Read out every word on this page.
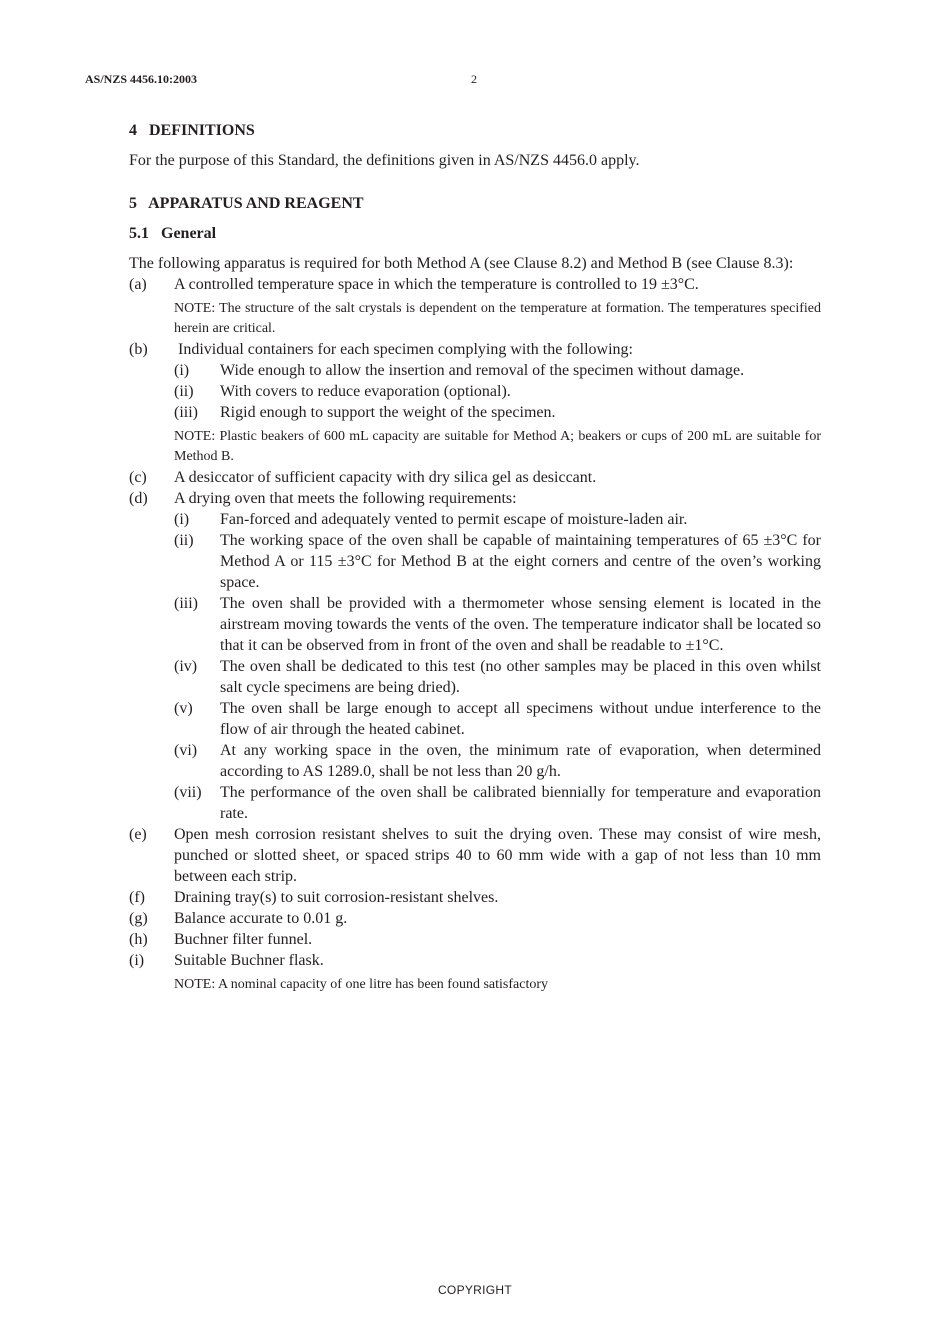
AS/NZS 4456.10:2003	2

4   DEFINITIONS

For the purpose of this Standard, the definitions given in AS/NZS 4456.0 apply.

5   APPARATUS AND REAGENT

5.1   General

The following apparatus is required for both Method A (see Clause 8.2) and Method B (see Clause 8.3):

(a) A controlled temperature space in which the temperature is controlled to 19 ±3°C.

NOTE: The structure of the salt crystals is dependent on the temperature at formation. The temperatures specified herein are critical.

(b) Individual containers for each specimen complying with the following:
(i) Wide enough to allow the insertion and removal of the specimen without damage.
(ii) With covers to reduce evaporation (optional).
(iii) Rigid enough to support the weight of the specimen.

NOTE: Plastic beakers of 600 mL capacity are suitable for Method A; beakers or cups of 200 mL are suitable for Method B.

(c) A desiccator of sufficient capacity with dry silica gel as desiccant.
(d) A drying oven that meets the following requirements:
(i) Fan-forced and adequately vented to permit escape of moisture-laden air.
(ii) The working space of the oven shall be capable of maintaining temperatures of 65 ±3°C for Method A or 115 ±3°C for Method B at the eight corners and centre of the oven’s working space.
(iii) The oven shall be provided with a thermometer whose sensing element is located in the airstream moving towards the vents of the oven. The temperature indicator shall be located so that it can be observed from in front of the oven and shall be readable to ±1°C.
(iv) The oven shall be dedicated to this test (no other samples may be placed in this oven whilst salt cycle specimens are being dried).
(v) The oven shall be large enough to accept all specimens without undue interference to the flow of air through the heated cabinet.
(vi) At any working space in the oven, the minimum rate of evaporation, when determined according to AS 1289.0, shall be not less than 20 g/h.
(vii) The performance of the oven shall be calibrated biennially for temperature and evaporation rate.
(e) Open mesh corrosion resistant shelves to suit the drying oven. These may consist of wire mesh, punched or slotted sheet, or spaced strips 40 to 60 mm wide with a gap of not less than 10 mm between each strip.
(f) Draining tray(s) to suit corrosion-resistant shelves.
(g) Balance accurate to 0.01 g.
(h) Buchner filter funnel.
(i) Suitable Buchner flask.

NOTE: A nominal capacity of one litre has been found satisfactory

COPYRIGHT
